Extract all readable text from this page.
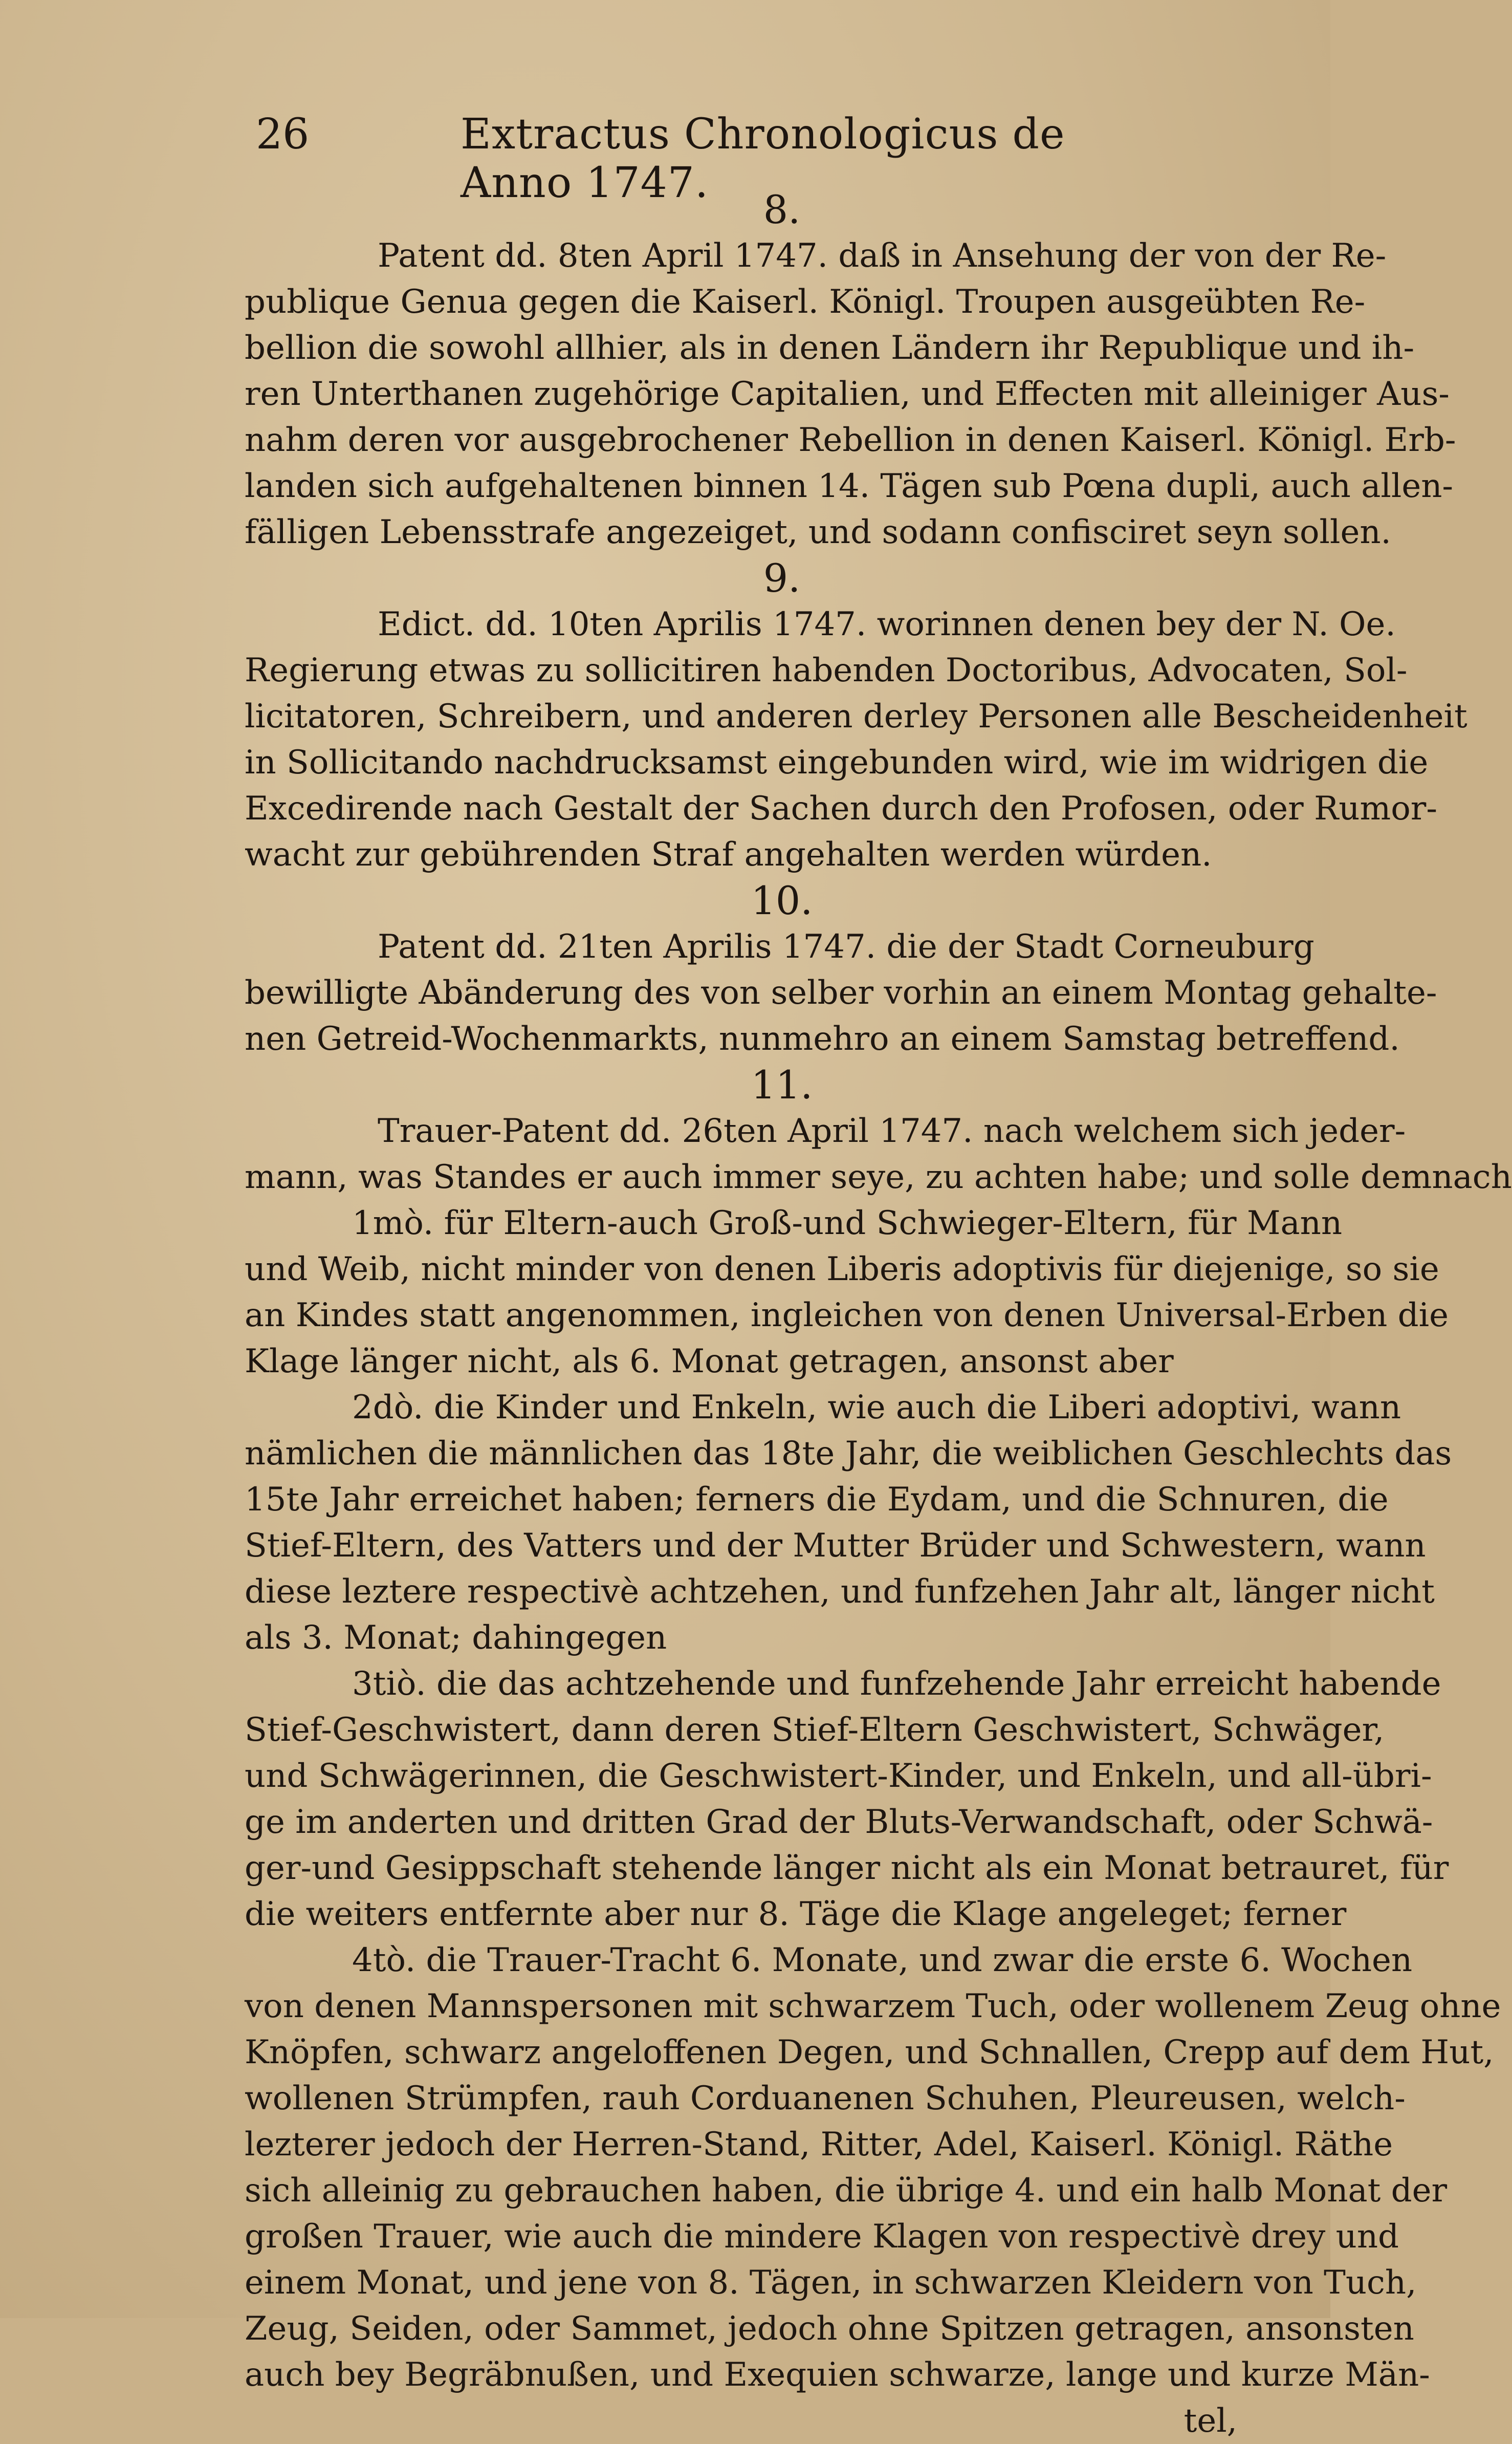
26	Extractus Chronologicus de Anno 1747.
8.
Patent dd. 8ten April 1747. daß in Ansehung der von der Re-
publique Genua gegen die Kaiserl. Königl. Troupen ausgeübten Re-
bellion die sowohl allhier, als in denen Ländern ihr Republique und ih-
ren Unterthanen zugehörige Capitalien, und Effecten mit alleiniger Aus-
nahm deren vor ausgebrochener Rebellion in denen Kaiserl. Königl. Erb-
landen sich aufgehaltenen binnen 14. Tägen sub Pœna dupli, auch allen-
fälligen Lebensstrafe angezeiget, und sodann confisciret seyn sollen.
9.
Edict. dd. 10ten Aprilis 1747. worinnen denen bey der N. Oe.
Regierung etwas zu sollicitiren habenden Doctoribus, Advocaten, Sol-
licitatoren, Schreibern, und anderen derley Personen alle Bescheidenheit
in Sollicitando nachdrucksamst eingebunden wird, wie im widrigen die
Excedirende nach Gestalt der Sachen durch den Profosen, oder Rumor-
wacht zur gebührenden Straf angehalten werden würden.
10.
Patent dd. 21ten Aprilis 1747. die der Stadt Corneuburg
bewilligte Abänderung des von selber vorhin an einem Montag gehalte-
nen Getreid-Wochenmarkts, nunmehro an einem Samstag betreffend.
11.
Trauer-Patent dd. 26ten April 1747. nach welchem sich jeder-
mann, was Standes er auch immer seye, zu achten habe; und solle demnach
1mò. für Eltern-auch Groß-und Schwieger-Eltern, für Mann
und Weib, nicht minder von denen Liberis adoptivis für diejenige, so sie
an Kindes statt angenommen, ingleichen von denen Universal-Erben die
Klage länger nicht, als 6. Monat getragen, ansonst aber
2dò. die Kinder und Enkeln, wie auch die Liberi adoptivi, wann
nämlichen die männlichen das 18te Jahr, die weiblichen Geschlechts das
15te Jahr erreichet haben; ferners die Eydam, und die Schnuren, die
Stief-Eltern, des Vatters und der Mutter Brüder und Schwestern, wann
diese leztere respectivè achtzehen, und funfzehen Jahr alt, länger nicht
als 3. Monat; dahingegen
3tiò. die das achtzehende und funfzehende Jahr erreicht habende
Stief-Geschwistert, dann deren Stief-Eltern Geschwistert, Schwäger,
und Schwägerinnen, die Geschwistert-Kinder, und Enkeln, und all-übri-
ge im anderten und dritten Grad der Bluts-Verwandschaft, oder Schwä-
ger-und Gesippschaft stehende länger nicht als ein Monat betrauret, für
die weiters entfernte aber nur 8. Täge die Klage angeleget; ferner
4tò. die Trauer-Tracht 6. Monate, und zwar die erste 6. Wochen
von denen Mannspersonen mit schwarzem Tuch, oder wollenem Zeug ohne
Knöpfen, schwarz angeloffenen Degen, und Schnallen, Crepp auf dem Hut,
wollenen Strümpfen, rauh Corduanenen Schuhen, Pleureusen, welch-
lezterer jedoch der Herren-Stand, Ritter, Adel, Kaiserl. Königl. Räthe
sich alleinig zu gebrauchen haben, die übrige 4. und ein halb Monat der
großen Trauer, wie auch die mindere Klagen von respectivè drey und
einem Monat, und jene von 8. Tägen, in schwarzen Kleidern von Tuch,
Zeug, Seiden, oder Sammet, jedoch ohne Spitzen getragen, ansonsten
auch bey Begräbnußen, und Exequien schwarze, lange und kurze Män-
tel,
